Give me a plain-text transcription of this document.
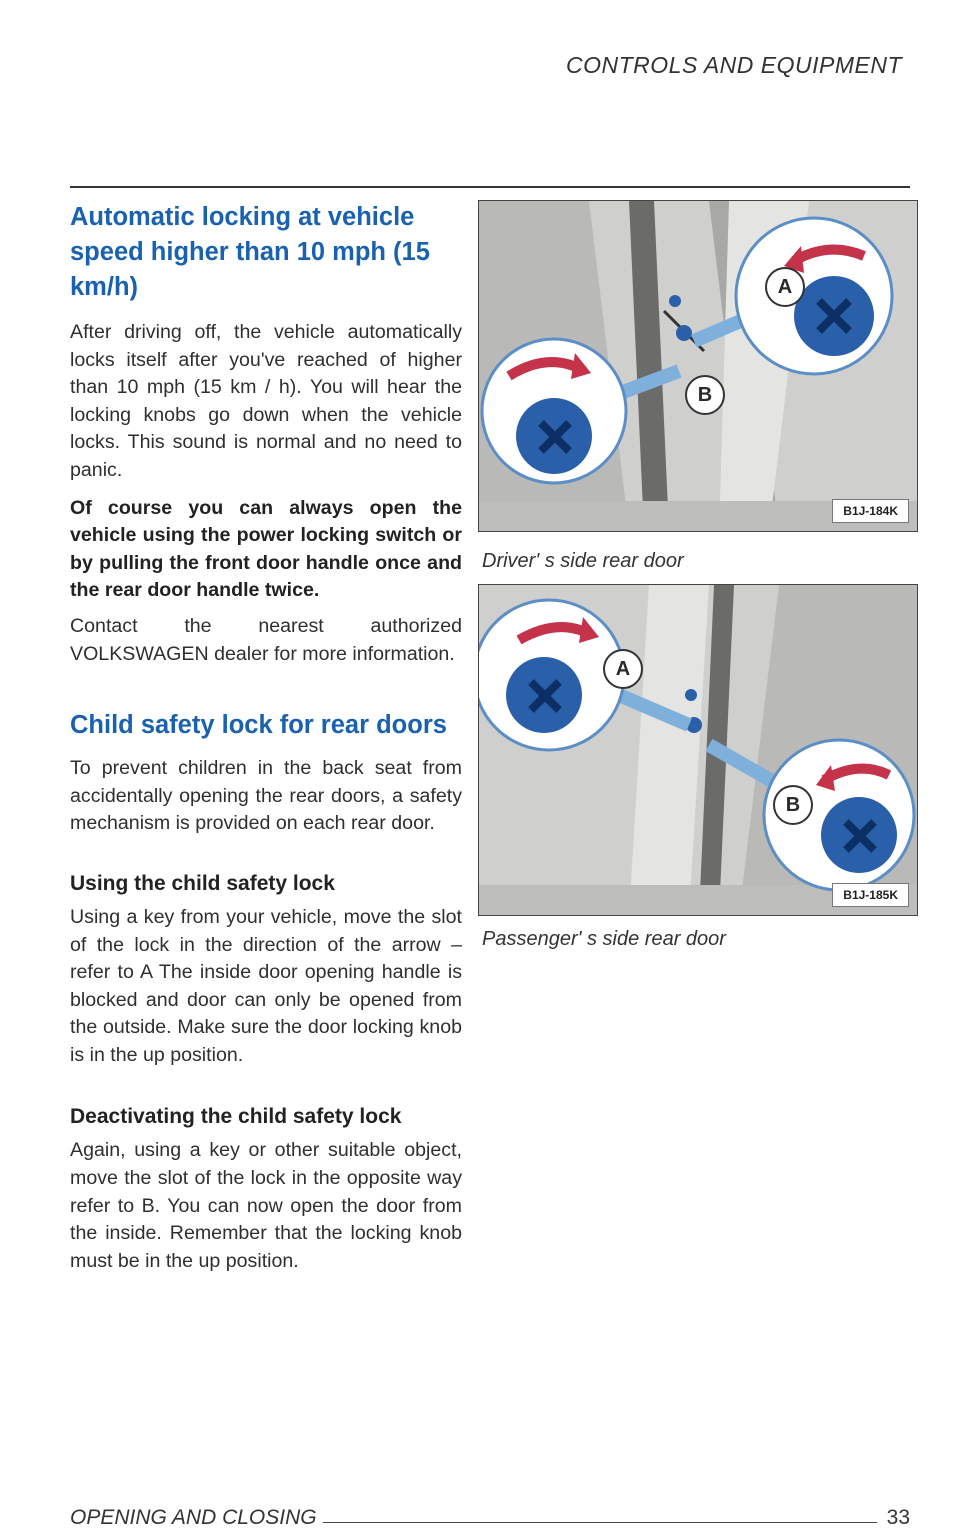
CONTROLS AND EQUIPMENT
Automatic locking at vehicle speed higher than 10 mph (15 km/h)

After driving off, the vehicle automatically locks itself after you've reached of higher than 10 mph (15 km / h). You will hear the locking knobs go down when the vehicle locks. This sound is normal and no need to panic.

Of course you can always open the vehicle using the power locking switch or by pulling the front door handle once and the rear door handle twice.

Contact the nearest authorized VOLKSWAGEN dealer for more information.

Child safety lock for rear doors

To prevent children in the back seat from accidentally opening the rear doors, a safety mechanism is provided on each rear door.

Using the child safety lock

Using a key from your vehicle, move the slot of the lock in the direction of the arrow – refer to A The inside door opening handle is blocked and door can only be opened from the outside. Make sure the door locking knob is in the up position.

Deactivating the child safety lock

Again, using a key or other suitable object, move the slot of the lock in the opposite way refer to B. You can now open the door from the inside. Remember that the locking knob must be in the up position.

A
B
B1J-184K
Driver' s side rear door
A
B
B1J-185K
Passenger' s side rear door
OPENING AND CLOSING	33
